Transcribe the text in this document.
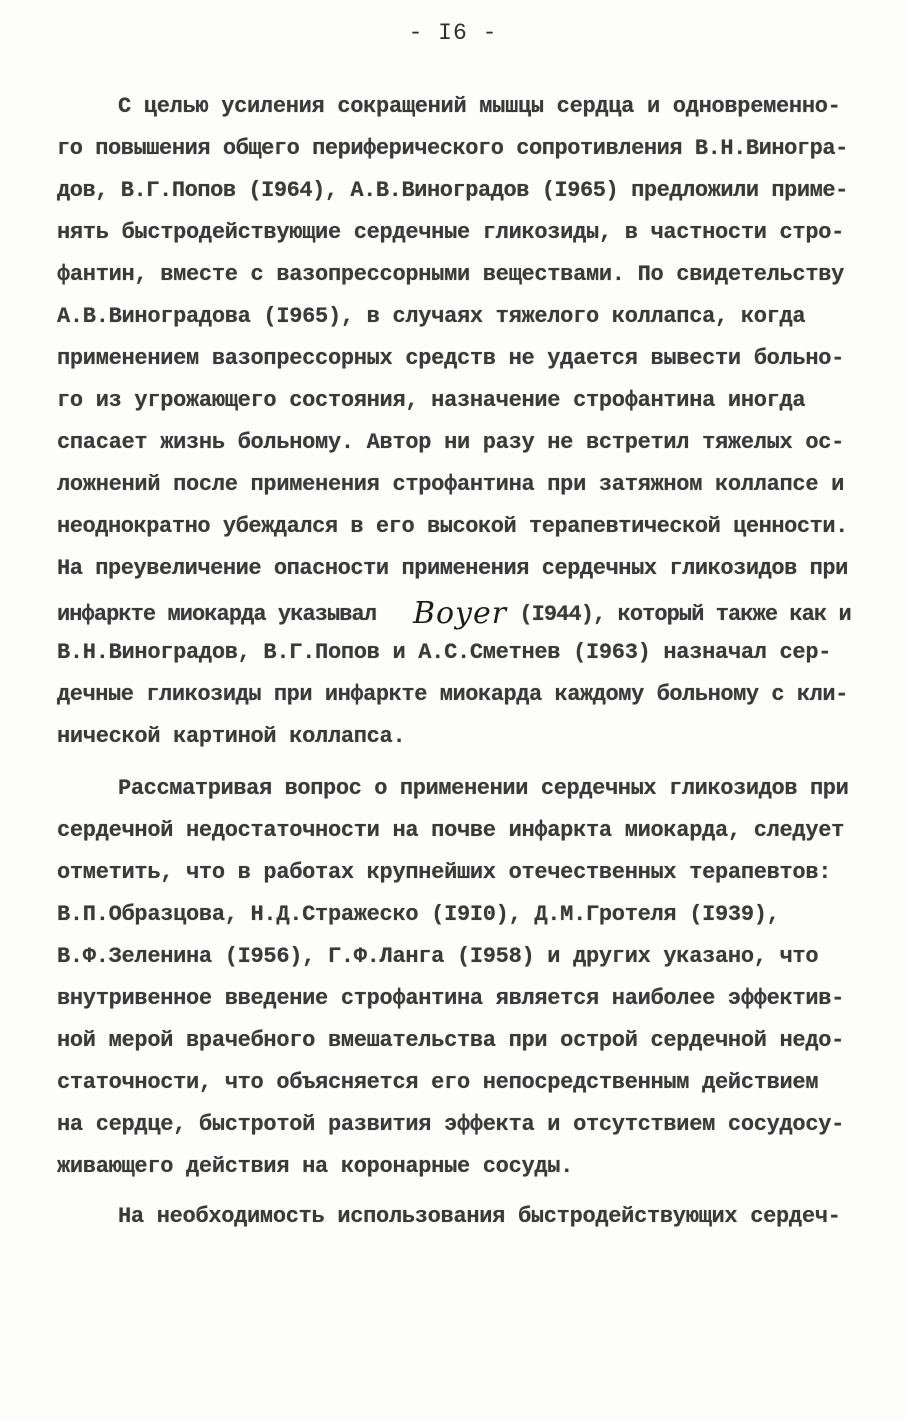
- I6 -
С целью усиления сокращений мышцы сердца и одновременно-
го повышения общего периферического сопротивления В.Н.Виногра-
дов, В.Г.Попов (I964), А.В.Виноградов (I965) предложили приме-
нять быстродействующие сердечные гликозиды, в частности стро-
фантин, вместе с вазопрессорными веществами. По свидетельству
А.В.Виноградова (I965), в случаях тяжелого коллапса, когда
применением вазопрессорных средств не удается вывести больно-
го из угрожающего состояния, назначение строфантина иногда
спасает жизнь больному. Автор ни разу не встретил тяжелых ос-
ложнений после применения строфантина при затяжном коллапсе и
неоднократно убеждался в его высокой терапевтической ценности.
На преувеличение опасности применения сердечных гликозидов при
инфаркте миокарда указывал Boyer (I944), который также как и
В.Н.Виноградов, В.Г.Попов и А.С.Сметнев (I963) назначал сер-
дечные гликозиды при инфаркте миокарда каждому больному с кли-
нической картиной коллапса.
Рассматривая вопрос о применении сердечных гликозидов при
сердечной недостаточности на почве инфаркта миокарда, следует
отметить, что в работах крупнейших отечественных терапевтов:
В.П.Образцова, Н.Д.Стражеско (I9I0), Д.М.Гротеля (I939),
В.Ф.Зеленина (I956), Г.Ф.Ланга (I958) и других указано, что
внутривенное введение строфантина является наиболее эффектив-
ной мерой врачебного вмешательства при острой сердечной недо-
статочности, что объясняется его непосредственным действием
на сердце, быстротой развития эффекта и отсутствием сосудосу-
живающего действия на коронарные сосуды.
На необходимость использования быстродействующих сердеч-
